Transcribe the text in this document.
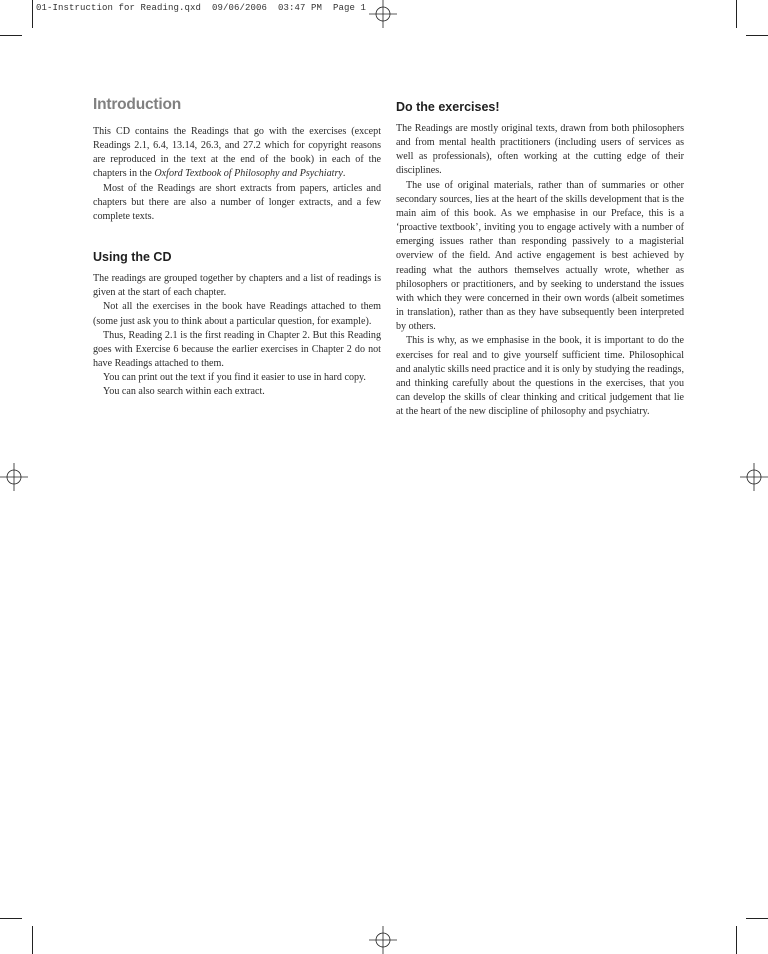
01-Instruction for Reading.qxd  09/06/2006  03:47 PM  Page 1
Introduction

This CD contains the Readings that go with the exercises (except Readings 2.1, 6.4, 13.14, 26.3, and 27.2 which for copyright reasons are reproduced in the text at the end of the book) in each of the chapters in the Oxford Textbook of Philosophy and Psychiatry.

Most of the Readings are short extracts from papers, articles and chapters but there are also a number of longer extracts, and a few complete texts.

Using the CD

The readings are grouped together by chapters and a list of readings is given at the start of each chapter.

Not all the exercises in the book have Readings attached to them (some just ask you to think about a particular question, for example).

Thus, Reading 2.1 is the first reading in Chapter 2. But this Reading goes with Exercise 6 because the earlier exercises in Chapter 2 do not have Readings attached to them.

You can print out the text if you find it easier to use in hard copy.

You can also search within each extract.

Do the exercises!

The Readings are mostly original texts, drawn from both philosophers and from mental health practitioners (including users of services as well as professionals), often working at the cutting edge of their disciplines.

The use of original materials, rather than of summaries or other secondary sources, lies at the heart of the skills development that is the main aim of this book. As we emphasise in our Preface, this is a ‘proactive textbook’, inviting you to engage actively with a number of emerging issues rather than responding passively to a magisterial overview of the field. And active engagement is best achieved by reading what the authors themselves actually wrote, whether as philosophers or practitioners, and by seeking to understand the issues with which they were concerned in their own words (albeit sometimes in translation), rather than as they have subsequently been interpreted by others.

This is why, as we emphasise in the book, it is important to do the exercises for real and to give yourself sufficient time. Philosophical and analytic skills need practice and it is only by studying the readings, and thinking carefully about the questions in the exercises, that you can develop the skills of clear thinking and critical judgement that lie at the heart of the new discipline of philosophy and psychiatry.
